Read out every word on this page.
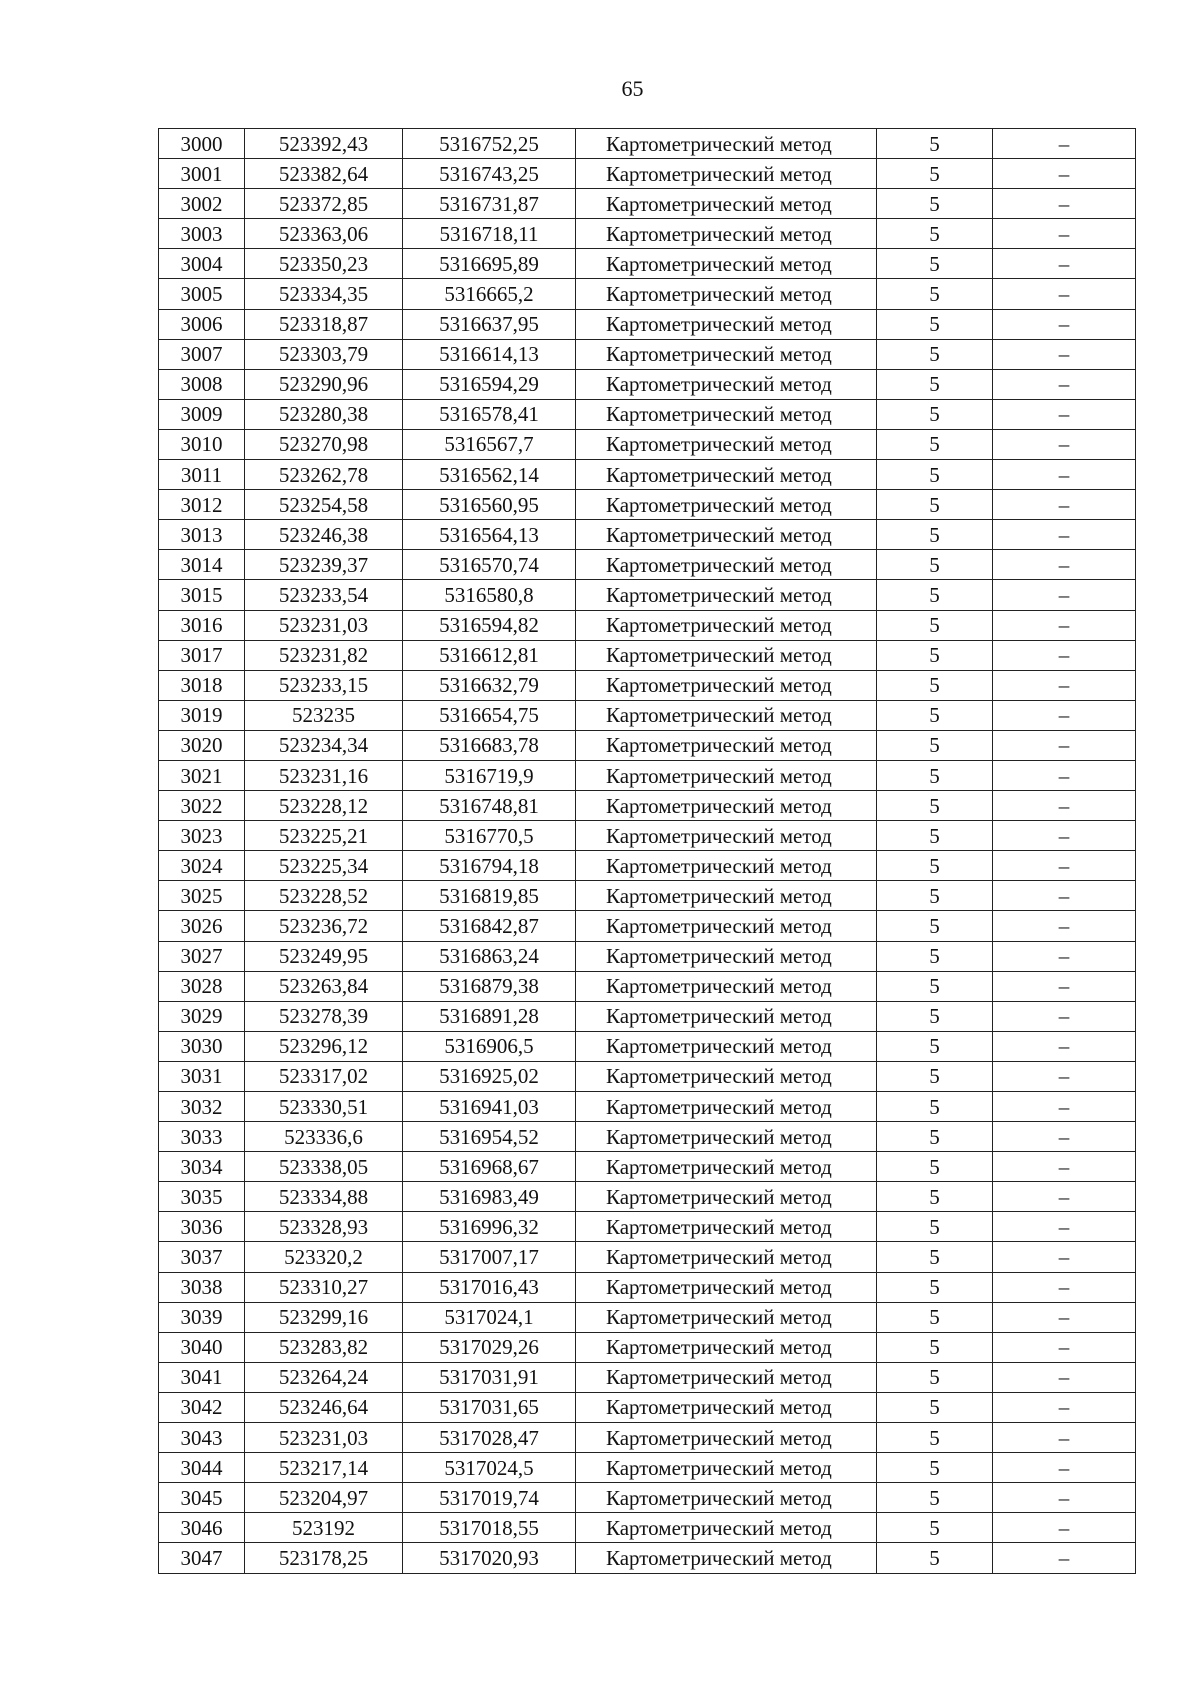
65
3000	523392,43	5316752,25	Картометрический метод	5	–
3001	523382,64	5316743,25	Картометрический метод	5	–
3002	523372,85	5316731,87	Картометрический метод	5	–
3003	523363,06	5316718,11	Картометрический метод	5	–
3004	523350,23	5316695,89	Картометрический метод	5	–
3005	523334,35	5316665,2	Картометрический метод	5	–
3006	523318,87	5316637,95	Картометрический метод	5	–
3007	523303,79	5316614,13	Картометрический метод	5	–
3008	523290,96	5316594,29	Картометрический метод	5	–
3009	523280,38	5316578,41	Картометрический метод	5	–
3010	523270,98	5316567,7	Картометрический метод	5	–
3011	523262,78	5316562,14	Картометрический метод	5	–
3012	523254,58	5316560,95	Картометрический метод	5	–
3013	523246,38	5316564,13	Картометрический метод	5	–
3014	523239,37	5316570,74	Картометрический метод	5	–
3015	523233,54	5316580,8	Картометрический метод	5	–
3016	523231,03	5316594,82	Картометрический метод	5	–
3017	523231,82	5316612,81	Картометрический метод	5	–
3018	523233,15	5316632,79	Картометрический метод	5	–
3019	523235	5316654,75	Картометрический метод	5	–
3020	523234,34	5316683,78	Картометрический метод	5	–
3021	523231,16	5316719,9	Картометрический метод	5	–
3022	523228,12	5316748,81	Картометрический метод	5	–
3023	523225,21	5316770,5	Картометрический метод	5	–
3024	523225,34	5316794,18	Картометрический метод	5	–
3025	523228,52	5316819,85	Картометрический метод	5	–
3026	523236,72	5316842,87	Картометрический метод	5	–
3027	523249,95	5316863,24	Картометрический метод	5	–
3028	523263,84	5316879,38	Картометрический метод	5	–
3029	523278,39	5316891,28	Картометрический метод	5	–
3030	523296,12	5316906,5	Картометрический метод	5	–
3031	523317,02	5316925,02	Картометрический метод	5	–
3032	523330,51	5316941,03	Картометрический метод	5	–
3033	523336,6	5316954,52	Картометрический метод	5	–
3034	523338,05	5316968,67	Картометрический метод	5	–
3035	523334,88	5316983,49	Картометрический метод	5	–
3036	523328,93	5316996,32	Картометрический метод	5	–
3037	523320,2	5317007,17	Картометрический метод	5	–
3038	523310,27	5317016,43	Картометрический метод	5	–
3039	523299,16	5317024,1	Картометрический метод	5	–
3040	523283,82	5317029,26	Картометрический метод	5	–
3041	523264,24	5317031,91	Картометрический метод	5	–
3042	523246,64	5317031,65	Картометрический метод	5	–
3043	523231,03	5317028,47	Картометрический метод	5	–
3044	523217,14	5317024,5	Картометрический метод	5	–
3045	523204,97	5317019,74	Картометрический метод	5	–
3046	523192	5317018,55	Картометрический метод	5	–
3047	523178,25	5317020,93	Картометрический метод	5	–
